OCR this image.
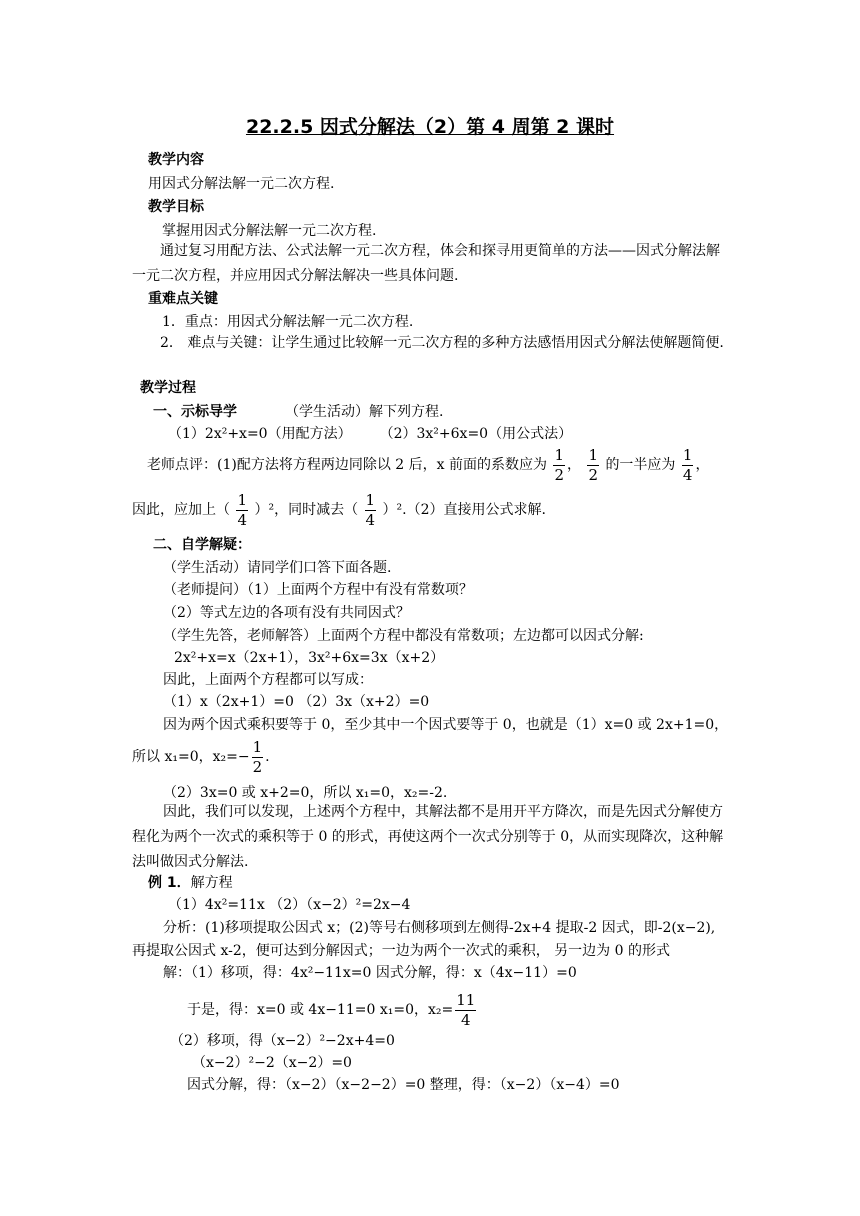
22.2.5 因式分解法（2）第 4 周第 2 课时
教学内容
用因式分解法解一元二次方程.
教学目标
掌握用因式分解法解一元二次方程.
通过复习用配方法、公式法解一元二次方程，体会和探寻用更简单的方法——因式分解法解一元二次方程，并应用因式分解法解决一些具体问题.
重难点关键
1．重点：用因式分解法解一元二次方程.
2． 难点与关键：让学生通过比较解一元二次方程的多种方法感悟用因式分解法使解题简便.
教学过程
一、示标导学	（学生活动）解下列方程.
（1）2x²+x=0（用配方法） （2）3x²+6x=0（用公式法）
老师点评：(1)配方法将方程两边同除以 2 后，x 前面的系数应为 $\frac{1}{2}$ ， $\frac{1}{2}$ 的一半应为 $\frac{1}{4}$ ，
因此，应加上（ $\frac{1}{4} )^2$，同时减去（ $\frac{1}{4} )^2.(2)$直接用公式求解.
二、自学解疑：
（学生活动）请同学们口答下面各题.
（老师提问）（1）上面两个方程中有没有常数项？
（2）等式左边的各项有没有共同因式？
（学生先答，老师解答）上面两个方程中都没有常数项；左边都可以因式分解:
2x²+x=x（2x+1），3x²+6x=3x（x+2）
因此，上面两个方程都可以写成：
（1）x（2x+1）=0 （2）3x（x+2）=0
因为两个因式乘积要等于 0，至少其中一个因式要等于 0，也就是（1）x=0 或 2x+1=0，
所以 x₁=0，$x_2=- \frac{1}{2}$ .
（2）3x=0 或 x+2=0，所以 x₁=0，x₂=-2.
因此，我们可以发现，上述两个方程中，其解法都不是用开平方降次，而是先因式分解使方程化为两个一次式的乘积等于 0 的形式，再使这两个一次式分别等于 0，从而实现降次，这种解法叫做因式分解法.
例 1．解方程
（1）4x²=11x （2）（x−2）²=2x−4
分析：(1)移项提取公因式 x；(2)等号右侧移项到左侧得-2x+4 提取-2 因式，即-2(x−2),
再提取公因式 x-2，便可达到分解因式；一边为两个一次式的乘积， 另一边为 0 的形式
解：（1）移项，得：4x²−11x=0 因式分解，得：x（4x−11）=0
于是，得：x=0 或 4x−11=0 x₁=0，$x_2= \frac{11}{4}$
（2）移项，得（x−2）²−2x+4=0
（x−2）²−2（x−2）=0
因式分解，得：（x−2）（x−2−2）=0 整理，得：（x−2）（x−4）=0
